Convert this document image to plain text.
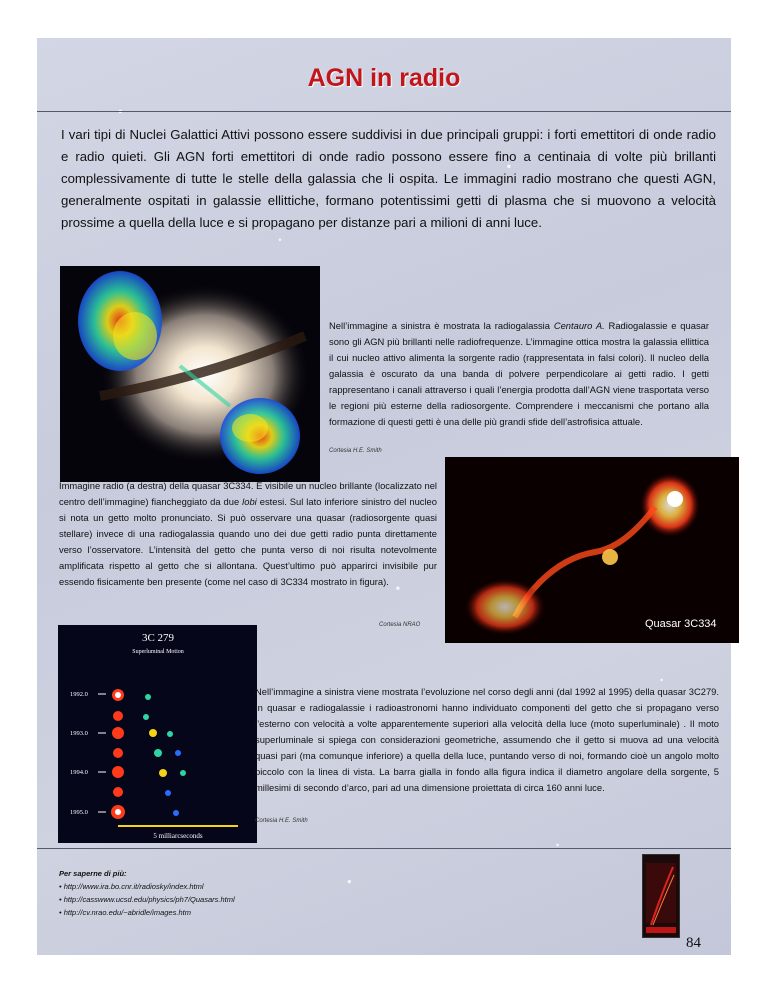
AGN in radio

I vari tipi di Nuclei Galattici Attivi possono essere suddivisi in due principali gruppi: i forti emettitori di onde radio e radio quieti. Gli AGN forti emettitori di onde radio possono essere fino a centinaia di volte più brillanti complessivamente di tutte le stelle della galassia che li ospita. Le immagini radio mostrano che questi AGN, generalmente ospitati in galassie ellittiche, formano potentissimi getti di plasma che si muovono a velocità prossime a quella della luce e si propagano per distanze pari a milioni di anni luce.

Nell’immagine a sinistra è mostrata la radiogalassia Centauro A. Radiogalassie e quasar sono gli AGN più brillanti nelle radiofrequenze. L’immagine ottica mostra la galassia ellittica il cui nucleo attivo alimenta la sorgente radio (rappresentata in falsi colori). Il nucleo della galassia è oscurato da una banda di polvere perpendicolare ai getti radio. I getti rappresentano i canali attraverso i quali l’energia prodotta dall’AGN viene trasportata verso le regioni più esterne della radiosorgente. Comprendere i meccanismi che portano alla formazione di questi getti è una delle più grandi sfide dell’astrofisica attuale.

Cortesia H.E. Smith

Immagine radio (a destra) della quasar 3C334. È visibile un nucleo brillante (localizzato nel centro dell’immagine) fiancheggiato da due lobi estesi. Sul lato inferiore sinistro del nucleo si nota un getto molto pronunciato. Si può osservare una quasar (radiosorgente quasi stellare) invece di una radiogalassia quando uno dei due getti radio punta direttamente verso l’osservatore. L’intensità del getto che punta verso di noi risulta notevolmente amplificata rispetto al getto che si allontana. Quest’ultimo può apparirci invisibile pur essendo fisicamente ben presente (come nel caso di 3C334 mostrato in figura).

Cortesia NRAO	Quasar 3C334
3C 279
Superluminal Motion
1992.0
1993.0
1994.0
1995.0
5 milliarcseconds

Nell’immagine a sinistra viene mostrata l’evoluzione nel corso degli anni (dal 1992 al 1995) della quasar 3C279. In quasar e radiogalassie i radioastronomi hanno individuato componenti del getto che si propagano verso l’esterno con velocità a volte apparentemente superiori alla velocità della luce (moto superluminale) . Il moto superluminale si spiega con considerazioni geometriche, assumendo che il getto si muova ad una velocità quasi pari (ma comunque inferiore) a quella della luce, puntando verso di noi, formando cioè un angolo molto piccolo con la linea di vista. La barra gialla in fondo alla figura indica il diametro angolare della sorgente, 5 millesimi di secondo d’arco, pari ad una dimensione proiettata di circa 160 anni luce.

Cortesia H.E. Smith
Per saperne di più:
• http://www.ira.bo.cnr.it/radiosky/index.html
• http://casswww.ucsd.edu/physics/ph7/Quasars.html
• http://cv.nrao.edu/~abridle/images.htm
84
